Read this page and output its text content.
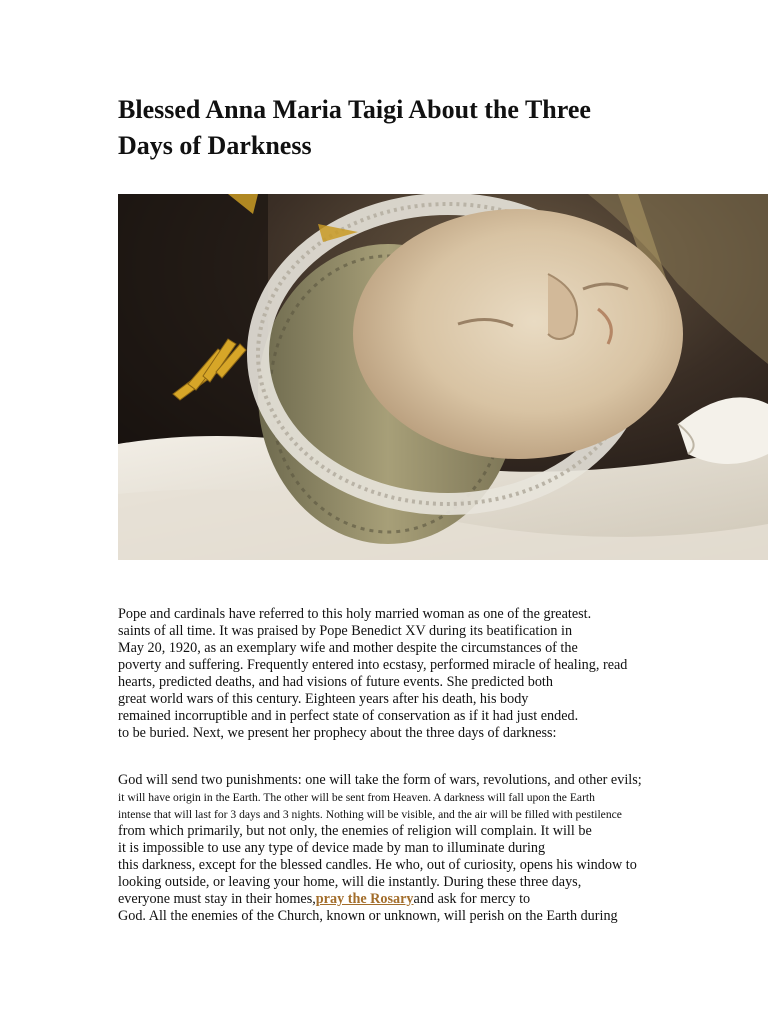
Blessed Anna Maria Taigi About the Three
Days of Darkness
Pope and cardinals have referred to this holy married woman as one of the greatest.
saints of all time. It was praised by Pope Benedict XV during its beatification in
May 20, 1920, as an exemplary wife and mother despite the circumstances of the
poverty and suffering. Frequently entered into ecstasy, performed miracle of healing, read
hearts, predicted deaths, and had visions of future events. She predicted both
great world wars of this century. Eighteen years after his death, his body
remained incorruptible and in perfect state of conservation as if it had just ended.
to be buried. Next, we present her prophecy about the three days of darkness:
God will send two punishments: one will take the form of wars, revolutions, and other evils;
it will have origin in the Earth. The other will be sent from Heaven. A darkness will fall upon the Earth
intense that will last for 3 days and 3 nights. Nothing will be visible, and the air will be filled with pestilence
from which primarily, but not only, the enemies of religion will complain. It will be
it is impossible to use any type of device made by man to illuminate during
this darkness, except for the blessed candles. He who, out of curiosity, opens his window to
looking outside, or leaving your home, will die instantly. During these three days,
everyone must stay in their homes,pray the Rosaryand ask for mercy to
God. All the enemies of the Church, known or unknown, will perish on the Earth during
